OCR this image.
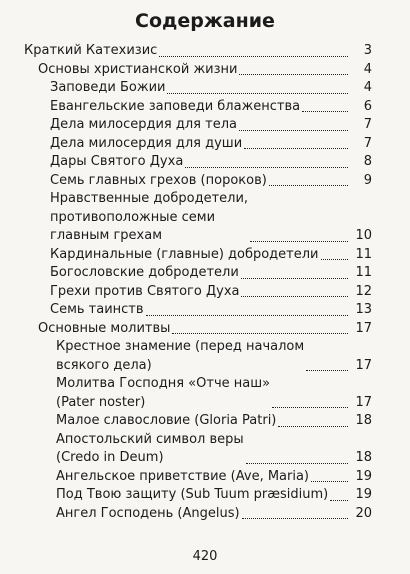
Содержание
Краткий Катехизис	3
Основы христианской жизни	4
Заповеди Божии	4
Евангельские заповеди блаженства	6
Дела милосердия для тела	7
Дела милосердия для души	7
Дары Святого Духа	8
Семь главных грехов (пороков)	9
Нравственные добродетели,
противоположные семи
главным грехам	10
Кардинальные (главные) добродетели	11
Богословские добродетели	11
Грехи против Святого Духа	12
Семь таинств	13
Основные молитвы	17
Крестное знамение (перед началом
всякого дела)	17
Молитва Господня «Отче наш»
(Pater noster)	17
Малое славословие (Gloria Patri)	18
Апостольский символ веры
(Credo in Deum)	18
Ангельское приветствие (Ave, Maria)	19
Под Твою защиту (Sub Tuum præsidium)	19
Ангел Господень (Angelus)	20
420
